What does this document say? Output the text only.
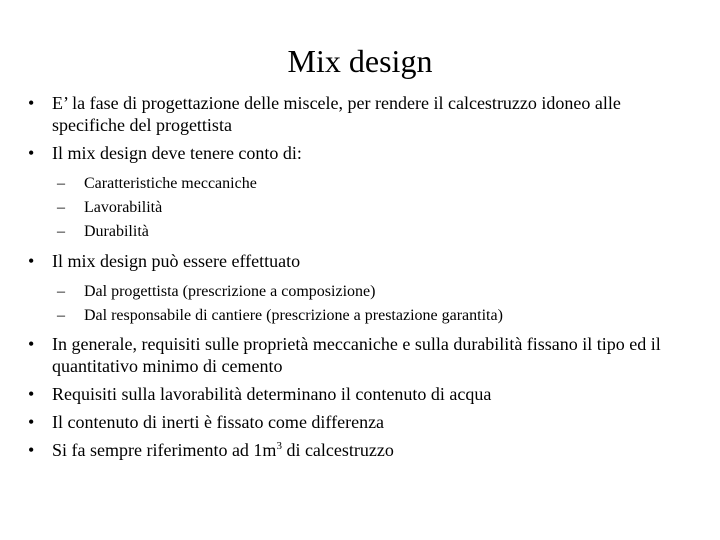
Mix design
• E’ la fase di progettazione delle miscele, per rendere il calcestruzzo idoneo alle specifiche del progettista
• Il mix design deve tenere conto di:
– Caratteristiche meccaniche
– Lavorabilità
– Durabilità
• Il mix design può essere effettuato
– Dal progettista (prescrizione a composizione)
– Dal responsabile di cantiere (prescrizione a prestazione garantita)
• In generale, requisiti sulle proprietà meccaniche e sulla durabilità fissano il tipo ed il quantitativo minimo di cemento
• Requisiti sulla lavorabilità determinano il contenuto di acqua
• Il contenuto di inerti è fissato come differenza
• Si fa sempre riferimento ad $1m^3$ di calcestruzzo
